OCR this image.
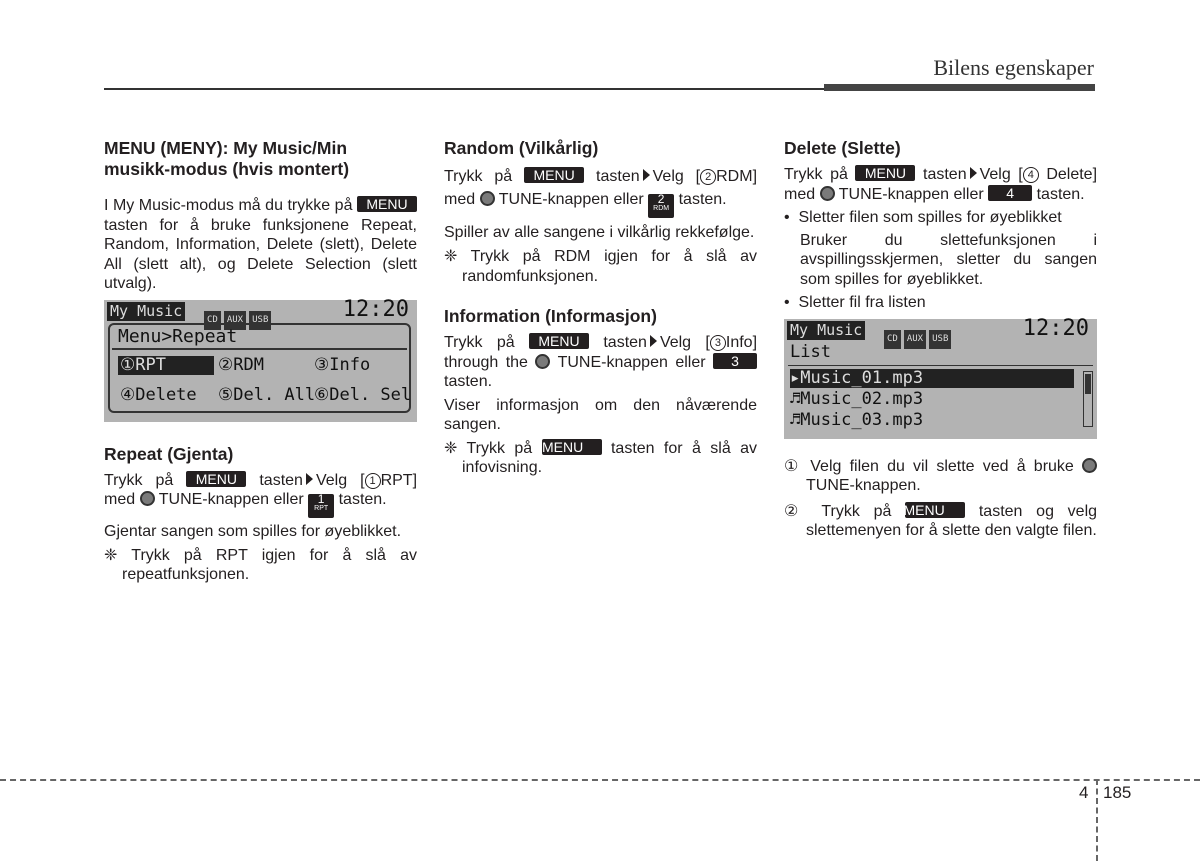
Bilens egenskaper
MENU (MENY): My Music/Min musikk-modus (hvis montert)

I My Music-modus må du trykke på MENU tasten for å bruke funksjonene Repeat, Random, Information, Delete (slett), Delete All (slett alt), og Delete Selection (slett utvalg).

My Music	CD AUX USB	12:20
Menu>Repeat
①RPT	②RDM	③Info
④Delete ⑤Del. All
⑥Del. Sel
Repeat (Gjenta)

Trykk på MENU tasten Velg [ 1 RPT] med TUNE-knappen eller 1
RPT
tasten.

Gjentar sangen som spilles for øyeblikket.

❈ Trykk på RPT igjen for å slå av repeatfunksjonen.

Random (Vilkårlig)

Trykk på MENU tasten Velg [ 2 RDM] med TUNE-knappen eller 2
RDM
tasten.

Spiller av alle sangene i vilkårlig rekkefølge.

❈ Trykk på RDM igjen for å slå av randomfunksjonen.

Information (Informasjon)

Trykk på MENU tasten Velg [ 3 Info] through the TUNE-knappen eller 3 tasten.

Viser informasjon om den nåværende sangen.

❈ Trykk på MENU tasten for å slå av infovisning.

Delete (Slette)

Trykk på MENU tasten Velg [ 4 Delete] med TUNE-knappen eller 4 tasten.

•  Sletter filen som spilles for øyeblikket

Bruker du slettefunksjonen i avspillingsskjermen, sletter du sangen som spilles for øyeblikket.

•  Sletter fil fra listen

My Music	CD AUX USB	12:20
List
▸Music_01.mp3
♬Music_02.mp3
♬Music_03.mp3

① Velg filen du vil slette ved å bruke  TUNE-knappen.

② Trykk på MENU tasten og velg slettemenyen for å slette den valgte filen.

4 185
